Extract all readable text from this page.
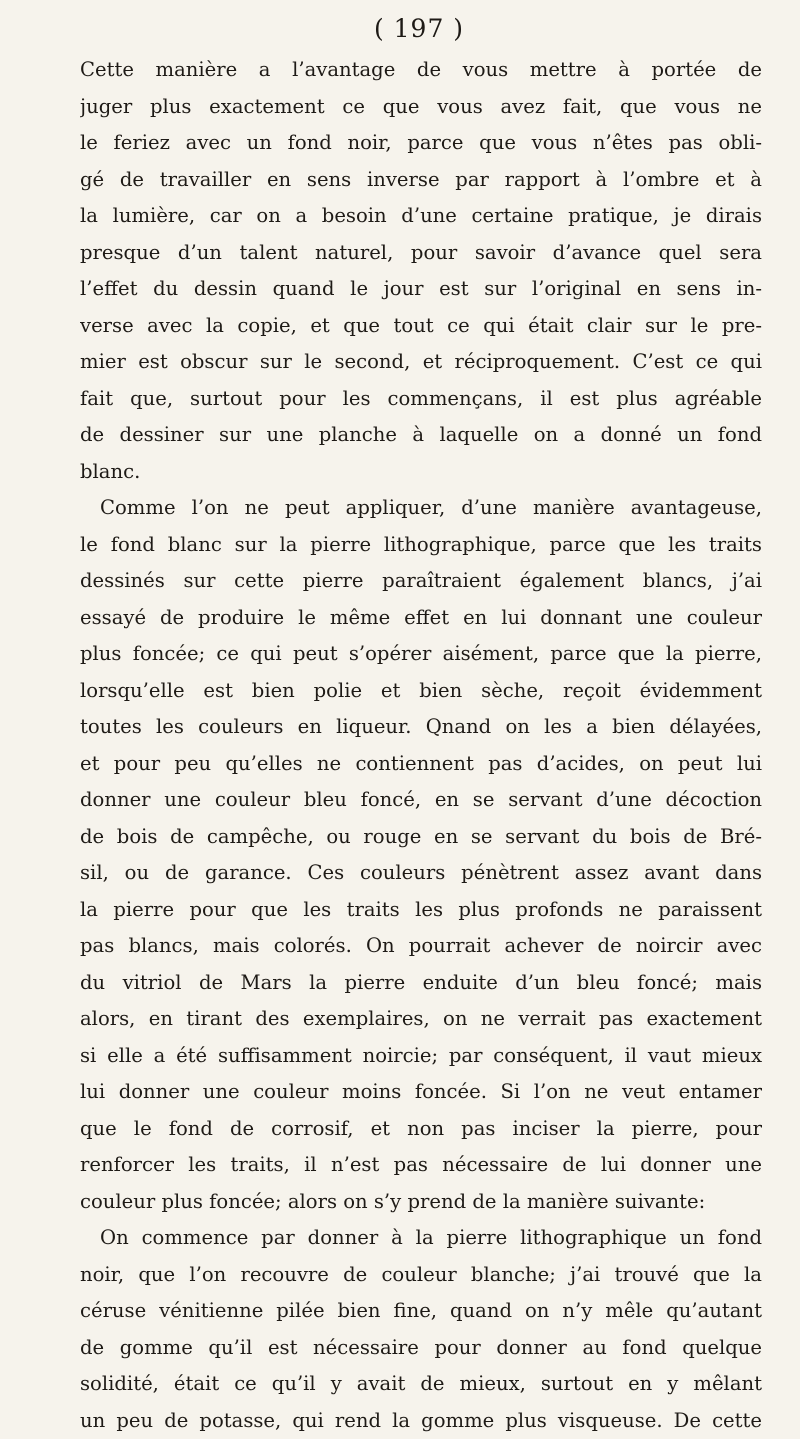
( 197 )
Cette manière a l’avantage de vous mettre à portée de
juger plus exactement ce que vous avez fait, que vous ne
le feriez avec un fond noir, parce que vous n’êtes pas obli-
gé de travailler en sens inverse par rapport à l’ombre et à
la lumière, car on a besoin d’une certaine pratique, je dirais
presque d’un talent naturel, pour savoir d’avance quel sera
l’effet du dessin quand le jour est sur l’original en sens in-
verse avec la copie, et que tout ce qui était clair sur le pre-
mier est obscur sur le second, et réciproquement. C’est ce qui
fait que, surtout pour les commençans, il est plus agréable
de dessiner sur une planche à laquelle on a donné un fond
blanc.
Comme l’on ne peut appliquer, d’une manière avantageuse,
le fond blanc sur la pierre lithographique, parce que les traits
dessinés sur cette pierre paraîtraient également blancs, j’ai
essayé de produire le même effet en lui donnant une couleur
plus foncée; ce qui peut s’opérer aisément, parce que la pierre,
lorsqu’elle est bien polie et bien sèche, reçoit évidemment
toutes les couleurs en liqueur. Qnand on les a bien délayées,
et pour peu qu’elles ne contiennent pas d’acides, on peut lui
donner une couleur bleu foncé, en se servant d’une décoction
de bois de campêche, ou rouge en se servant du bois de Bré-
sil, ou de garance. Ces couleurs pénètrent assez avant dans
la pierre pour que les traits les plus profonds ne paraissent
pas blancs, mais colorés. On pourrait achever de noircir avec
du vitriol de Mars la pierre enduite d’un bleu foncé; mais
alors, en tirant des exemplaires, on ne verrait pas exactement
si elle a été suffisamment noircie; par conséquent, il vaut mieux
lui donner une couleur moins foncée. Si l’on ne veut entamer
que le fond de corrosif, et non pas inciser la pierre, pour
renforcer les traits, il n’est pas nécessaire de lui donner une
couleur plus foncée; alors on s’y prend de la manière suivante:
On commence par donner à la pierre lithographique un fond
noir, que l’on recouvre de couleur blanche; j’ai trouvé que la
céruse vénitienne pilée bien fine, quand on n’y mêle qu’autant
de gomme qu’il est nécessaire pour donner au fond quelque
solidité, était ce qu’il y avait de mieux, surtout en y mêlant
un peu de potasse, qui rend la gomme plus visqueuse. De cette
